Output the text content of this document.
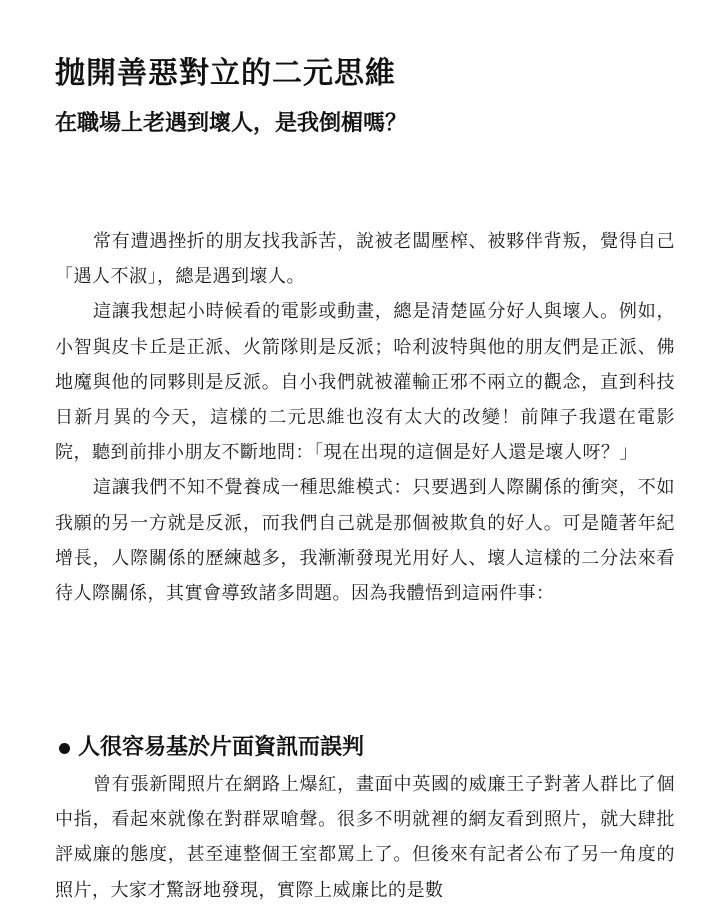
抛開善惡對立的二元思維
在職場上老遇到壞人，是我倒楣嗎？

常有遭遇挫折的朋友找我訴苦，說被老闆壓榨、被夥伴背叛，覺得自己「遇人不淑」，總是遇到壞人。

這讓我想起小時候看的電影或動畫，總是清楚區分好人與壞人。例如，小智與皮卡丘是正派、火箭隊則是反派；哈利波特與他的朋友們是正派、佛地魔與他的同夥則是反派。自小我們就被灌輸正邪不兩立的觀念，直到科技日新月異的今天，這樣的二元思維也沒有太大的改變！前陣子我還在電影院，聽到前排小朋友不斷地問：「現在出現的這個是好人還是壞人呀？」

這讓我們不知不覺養成一種思維模式：只要遇到人際關係的衝突，不如我願的另一方就是反派，而我們自己就是那個被欺負的好人。可是隨著年紀增長，人際關係的歷練越多，我漸漸發現光用好人、壞人這樣的二分法來看待人際關係，其實會導致諸多問題。因為我體悟到這兩件事：

人很容易基於片面資訊而誤判

曾有張新聞照片在網路上爆紅，畫面中英國的威廉王子對著人群比了個中指，看起來就像在對群眾嗆聲。很多不明就裡的網友看到照片，就大肆批評威廉的態度，甚至連整個王室都罵上了。但後來有記者公布了另一角度的照片，大家才驚訝地發現，實際上威廉比的是數
